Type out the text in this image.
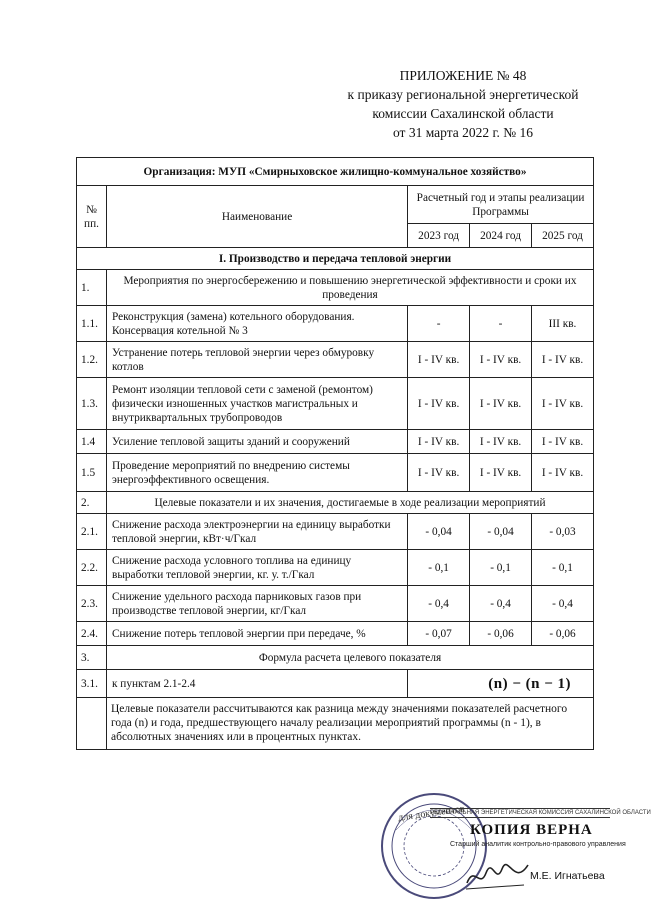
ПРИЛОЖЕНИЕ № 48
к приказу региональной энергетической
комиссии Сахалинской области
от 31 марта 2022 г. № 16
Организация: МУП «Смирныховское жилищно-коммунальное хозяйство»				
№ пп.	Наименование	Расчетный год и этапы реализации Программы		
		2023 год	2024 год	2025 год
I. Производство и передача тепловой энергии				
1.	Мероприятия по энергосбережению и повышению энергетической эффективности и сроки их проведения			
1.1.	Реконструкция (замена) котельного оборудования. Консервация котельной № 3	-	-	III кв.
1.2.	Устранение потерь тепловой энергии через обмуровку котлов	I - IV кв.	I - IV кв.	I - IV кв.
1.3.	Ремонт изоляции тепловой сети с заменой (ремонтом) физически изношенных участков магистральных и внутриквартальных трубопроводов	I - IV кв.	I - IV кв.	I - IV кв.
1.4	Усиление тепловой защиты зданий и сооружений	I - IV кв.	I - IV кв.	I - IV кв.
1.5	Проведение мероприятий по внедрению системы энергоэффективного освещения.	I - IV кв.	I - IV кв.	I - IV кв.
2.	Целевые показатели и их значения, достигаемые в ходе реализации мероприятий			
2.1.	Снижение расхода электроэнергии на единицу выработки тепловой энергии, кВт·ч/Гкал	- 0,04	- 0,04	- 0,03
2.2.	Снижение расхода условного топлива на единицу выработки тепловой энергии, кг. у. т./Гкал	- 0,1	- 0,1	- 0,1
2.3.	Снижение удельного расхода парниковых газов при производстве тепловой энергии, кг/Гкал	- 0,4	- 0,4	- 0,4
2.4.	Снижение потерь тепловой энергии при передаче, %	- 0,07	- 0,06	- 0,06
3.	Формула расчета целевого показателя			
3.1.	к пунктам 2.1-2.4	(n) − (n − 1)		
	Целевые показатели рассчитываются как разница между значениями показателей расчетного года (n) и года, предшествующего началу реализации мероприятий программы (n - 1), в абсолютных значениях или в процентных пунктах.			
для документов
РЕГИОНАЛЬНАЯ ЭНЕРГЕТИЧЕСКАЯ КОМИССИЯ САХАЛИНСКОЙ ОБЛАСТИ
КОПИЯ ВЕРНА
Старший аналитик контрольно-правового управления
М.Е. Игнатьева
